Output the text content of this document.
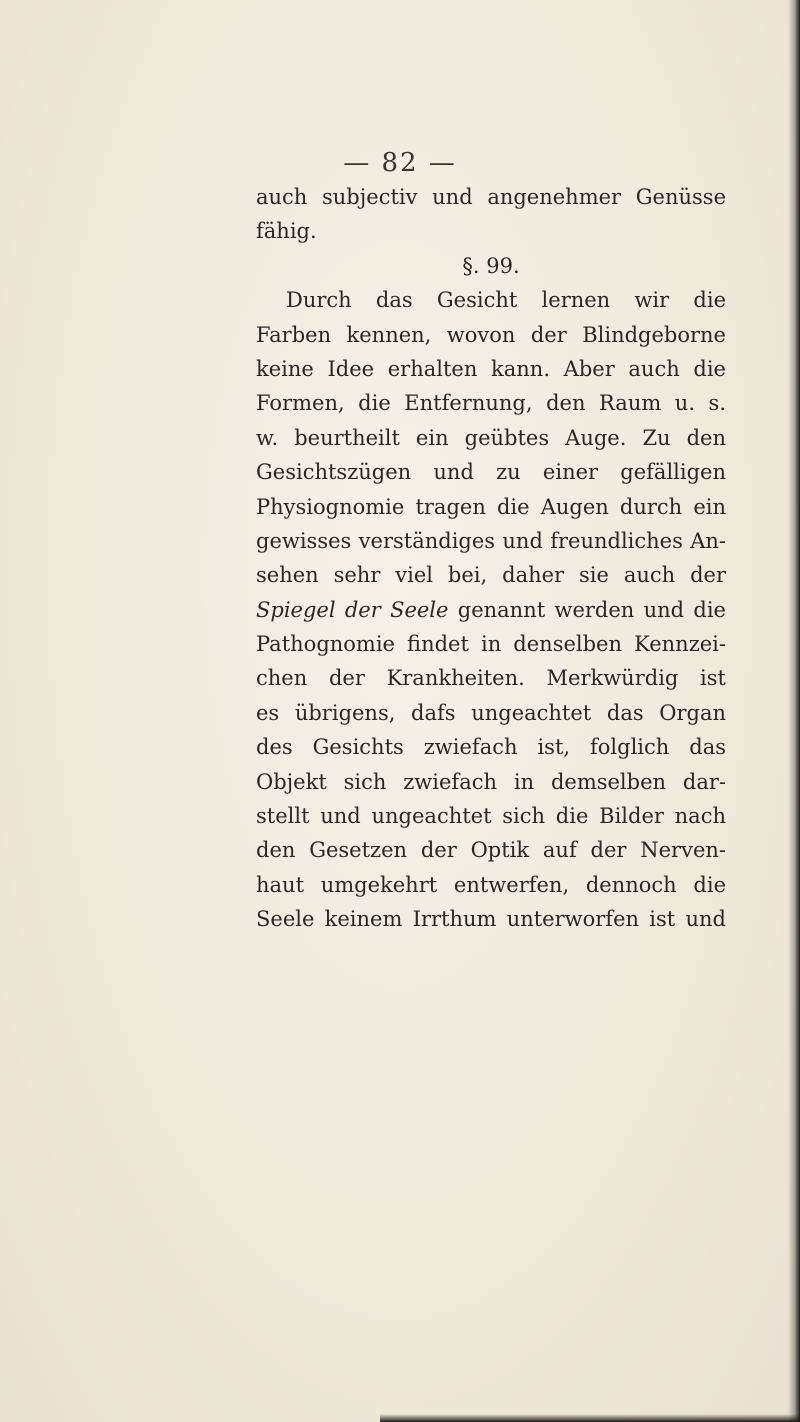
— 82 —
auch subjectiv und angenehmer Genüsse
fähig.
§. 99.
Durch das Gesicht lernen wir die
Farben kennen, wovon der Blindgeborne
keine Idee erhalten kann. Aber auch die
Formen, die Entfernung, den Raum u. s.
w. beurtheilt ein geübtes Auge. Zu den
Gesichtszügen und zu einer gefälligen
Physiognomie tragen die Augen durch ein
gewisses verständiges und freundliches An-
sehen sehr viel bei, daher sie auch der
Spiegel der Seele genannt werden und die
Pathognomie findet in denselben Kennzei-
chen der Krankheiten. Merkwürdig ist
es übrigens, dafs ungeachtet das Organ
des Gesichts zwiefach ist, folglich das
Objekt sich zwiefach in demselben dar-
stellt und ungeachtet sich die Bilder nach
den Gesetzen der Optik auf der Nerven-
haut umgekehrt entwerfen, dennoch die
Seele keinem Irrthum unterworfen ist und
